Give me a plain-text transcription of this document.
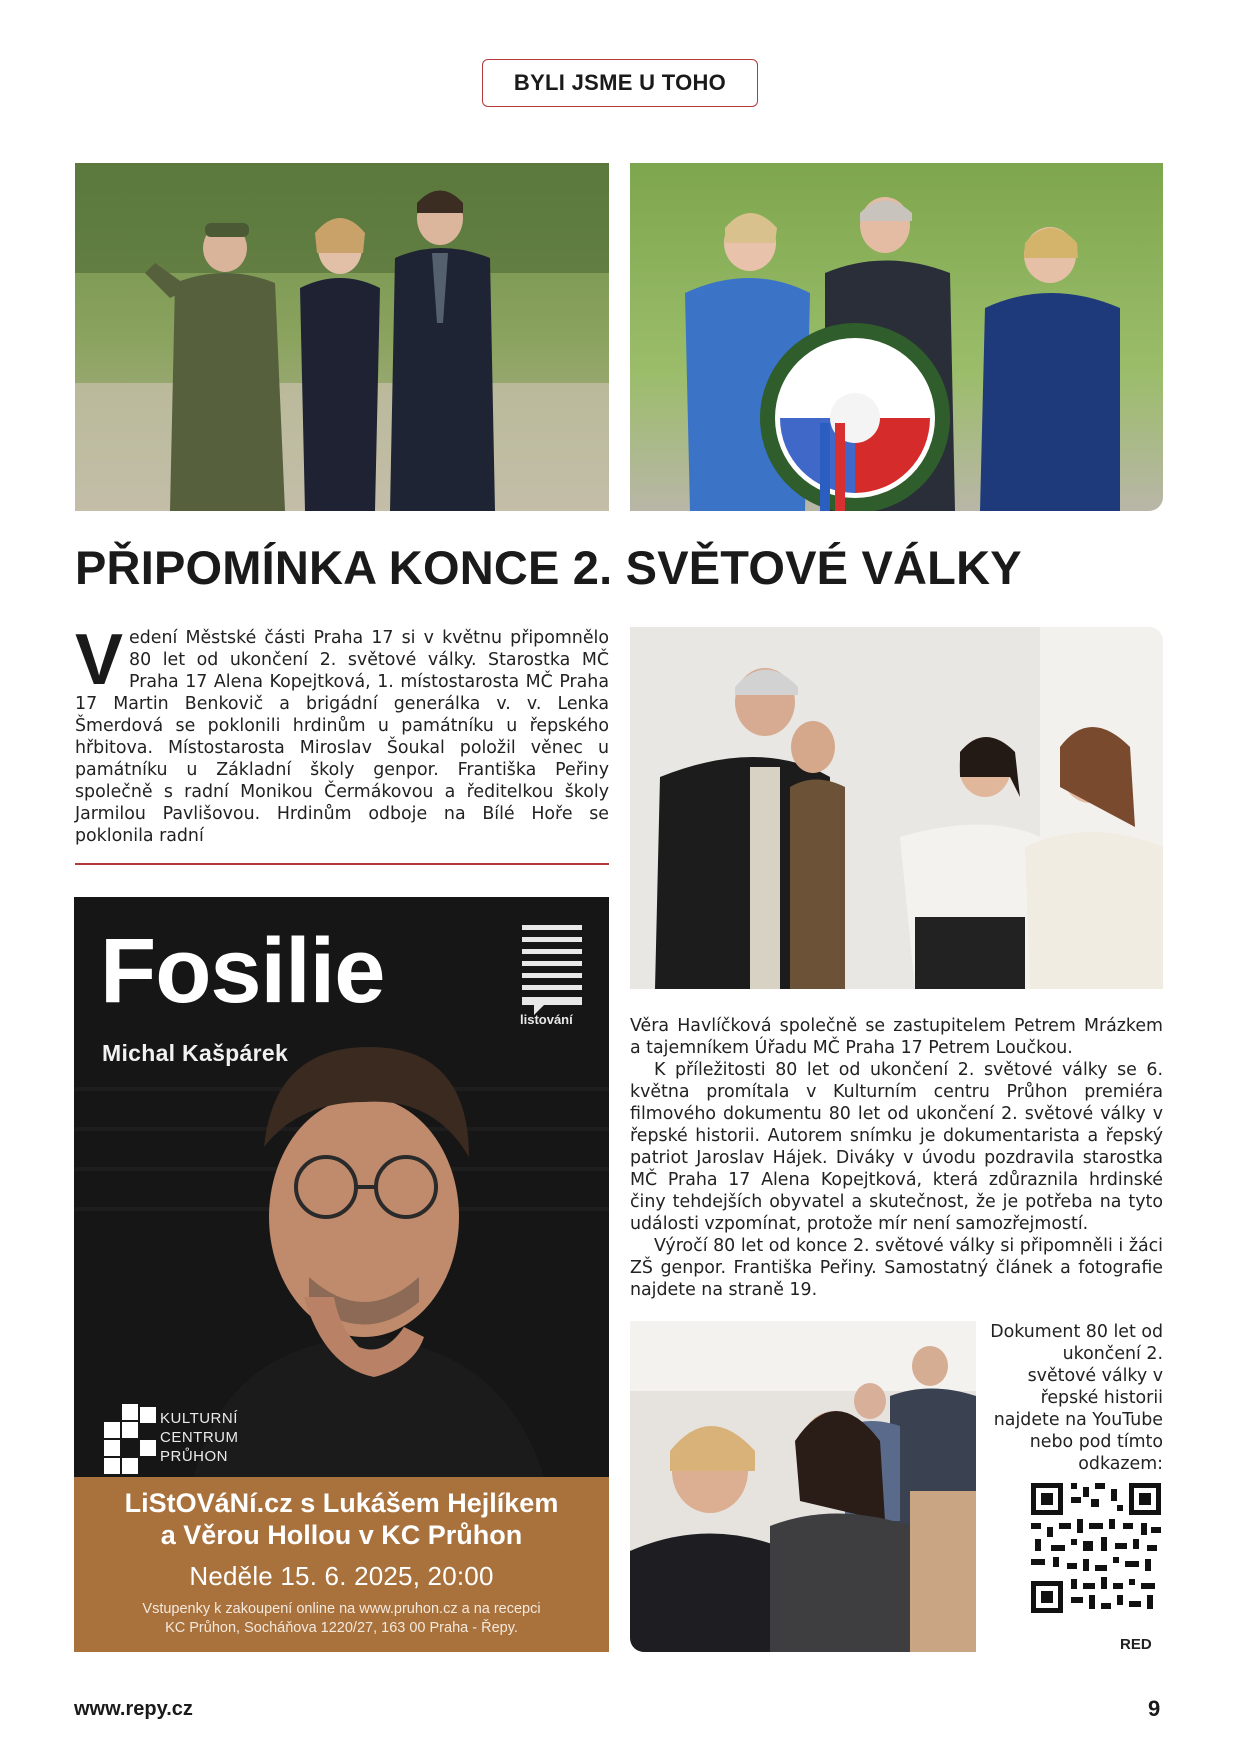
BYLI JSME U TOHO
PŘIPOMÍNKA KONCE 2. SVĚTOVÉ VÁLKY
V edení Městské části Praha 17 si v květnu připomnělo 80 let od ukončení 2. světové války. Starostka MČ Praha 17 Alena Kopejtková, 1. místostarosta MČ Praha 17 Martin Benkovič a brigádní generálka v. v. Lenka Šmerdová se poklonili hrdinům u památníku u řepského hřbitova. Místostarosta Miroslav Šoukal položil věnec u památníku u Základní školy genpor. Františka Peřiny společně s radní Monikou Čermákovou a ředitelkou školy Jarmilou Pavlišovou. Hrdinům odboje na Bílé Hoře se poklonila radní

Fosilie
Michal Kašpárek
listování
KULTURNÍ
CENTRUM
PRŮHON
LiStOVáNí.cz s Lukášem Hejlíkem
a Věrou Hollou v KC Průhon
Neděle 15. 6. 2025, 20:00
Vstupenky k zakoupení online na www.pruhon.cz a na recepci
KC Průhon, Socháňova 1220/27, 163 00 Praha - Řepy.

Věra Havlíčková společně se zastupitelem Petrem Mrázkem a tajemníkem Úřadu MČ Praha 17 Petrem Loučkou.

K příležitosti 80 let od ukončení 2. světové války se 6. května promítala v Kulturním centru Průhon premiéra filmového dokumentu 80 let od ukončení 2. světové války v řepské historii. Autorem snímku je dokumentarista a řepský patriot Jaroslav Hájek. Diváky v úvodu pozdravila starostka MČ Praha 17 Alena Kopejtková, která zdůraznila hrdinské činy tehdejších obyvatel a skutečnost, že je potřeba na tyto události vzpomínat, protože mír není samozřejmostí.

Výročí 80 let od konce 2. světové války si připomněli i žáci ZŠ genpor. Františka Peřiny. Samostatný článek a fotografie najdete na straně 19.

Dokument 80 let od ukončení 2. světové války v řepské historii najdete na YouTube nebo pod tímto odkazem:

RED
www.repy.cz	9
